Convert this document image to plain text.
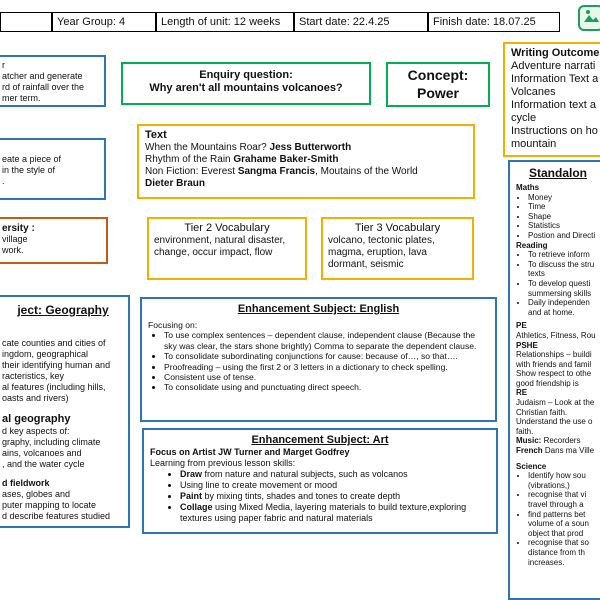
Year Group: 4	Length of unit: 12 weeks	Start date: 22.4.25	Finish date: 18.07.25
r
atcher and generate
rd of rainfall over the
mer term.
eate a piece of
in the style of
.
ersity :
village
work.
Enquiry question:
Why aren't all mountains volcanoes?
Concept:
Power
Text
When the Mountains Roar? Jess Butterworth
Rhythm of the Rain Grahame Baker-Smith
Non Fiction: Everest Sangma Francis, Moutains of the World
Dieter Braun
Tier 2 Vocabulary
environment, natural disaster, change, occur impact, flow
Tier 3 Vocabulary
volcano, tectonic plates, magma, eruption, lava dormant, seismic
Writing Outcome
Adventure narrati
Information Text a
Volcanes
Information text a
cycle
Instructions on ho
mountain
ject: Geography
cate counties and cities of
ingdom, geographical
their identifying human and
racteristics, key
al features (including hills,
oasts and rivers)
al geography
d key aspects of:
graphy, including climate
ains, volcanoes and
, and the water cycle
d fieldwork
ases, globes and
puter mapping to locate
d describe features studied
Enhancement Subject: English
Focusing on:
• To use complex sentences – dependent clause, independent clause (Because the sky was clear, the stars shone brightly) Comma to separate the dependent clause.
• To consolidate subordinating conjunctions for cause: because of…, so that….
• Proofreading – using the first 2 or 3 letters in a dictionary to check spelling.
• Consistent use of tense.
• To consolidate using and punctuating direct speech.
Enhancement Subject: Art
Focus on Artist JW Turner and Marget Godfrey
Learning from previous lesson skills:
• Draw from nature and natural subjects, such as volcanos
• Using line to create movement or mood
• Paint by mixing tints, shades and tones to create depth
• Collage using Mixed Media, layering materials to build texture,exploring textures using paper fabric and natural materials
Standalon
Maths
• Money
• Time
• Shape
• Statistics
• Postion and Directi
Reading
• To retrieve inform
• To discuss the stru texts
• To develop questi summersing skills
• Daily independen and at home.
PE
Athletics, Fitness, Rou
PSHE
Relationships – buildi with friends and famil Show respect to othe good friendship is
RE
Judaism – Look at the Christian faith. Understand the use o faith.
Music: Recorders
French Dans ma Ville
Science
• Identify how sou (vibrations,)
• recognise that vi travel through a
• find patterns bet volume of a soun object that prod
• recognise that so distance from th increases.
